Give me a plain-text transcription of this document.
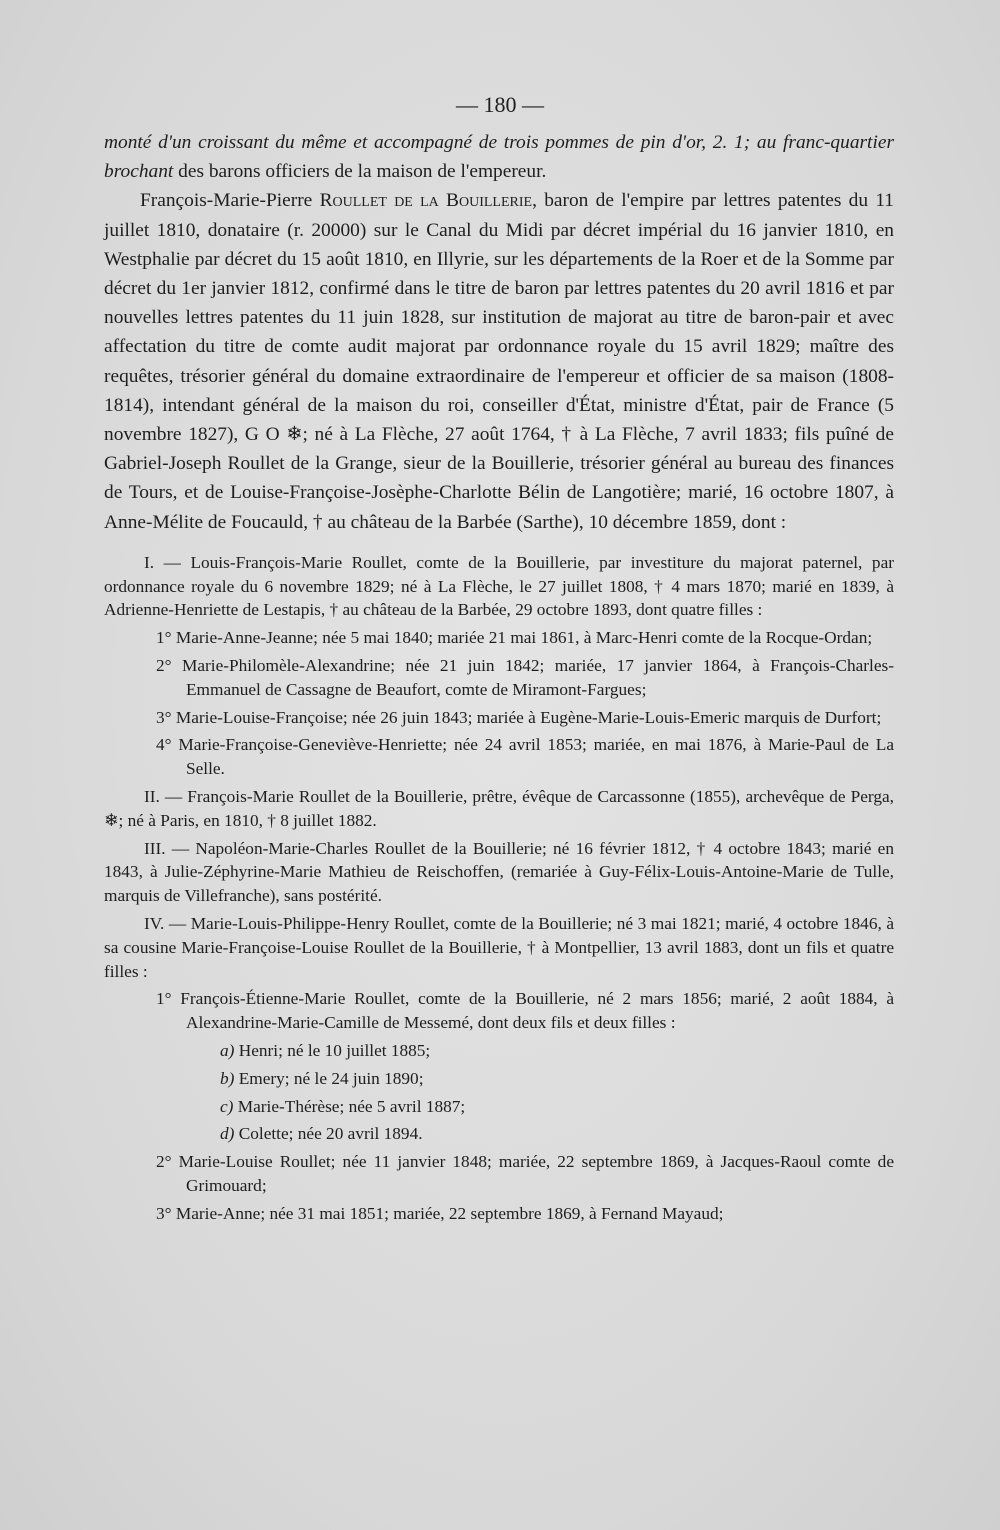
— 180 —

monté d'un croissant du même et accompagné de trois pommes de pin d'or, 2. 1; au franc-quartier brochant des barons officiers de la maison de l'empereur.

François-Marie-Pierre Roullet de la Bouillerie, baron de l'empire par lettres patentes du 11 juillet 1810, donataire (r. 20000) sur le Canal du Midi par décret impérial du 16 janvier 1810, en Westphalie par décret du 15 août 1810, en Illyrie, sur les départements de la Roer et de la Somme par décret du 1er janvier 1812, confirmé dans le titre de baron par lettres patentes du 20 avril 1816 et par nouvelles lettres patentes du 11 juin 1828, sur institution de majorat au titre de baron-pair et avec affectation du titre de comte audit majorat par ordonnance royale du 15 avril 1829; maître des requêtes, trésorier général du domaine extraordinaire de l'empereur et officier de sa maison (1808-1814), intendant général de la maison du roi, conseiller d'État, ministre d'État, pair de France (5 novembre 1827), G O ❄; né à La Flèche, 27 août 1764, † à La Flèche, 7 avril 1833; fils puîné de Gabriel-Joseph Roullet de la Grange, sieur de la Bouillerie, trésorier général au bureau des finances de Tours, et de Louise-Françoise-Josèphe-Charlotte Bélin de Langotière; marié, 16 octobre 1807, à Anne-Mélite de Foucauld, † au château de la Barbée (Sarthe), 10 décembre 1859, dont :

I. — Louis-François-Marie Roullet, comte de la Bouillerie, par investiture du majorat paternel, par ordonnance royale du 6 novembre 1829; né à La Flèche, le 27 juillet 1808, † 4 mars 1870; marié en 1839, à Adrienne-Henriette de Lestapis, † au château de la Barbée, 29 octobre 1893, dont quatre filles :

1° Marie-Anne-Jeanne; née 5 mai 1840; mariée 21 mai 1861, à Marc-Henri comte de la Rocque-Ordan;

2° Marie-Philomèle-Alexandrine; née 21 juin 1842; mariée, 17 janvier 1864, à François-Charles-Emmanuel de Cassagne de Beaufort, comte de Miramont-Fargues;

3° Marie-Louise-Françoise; née 26 juin 1843; mariée à Eugène-Marie-Louis-Emeric marquis de Durfort;

4° Marie-Françoise-Geneviève-Henriette; née 24 avril 1853; mariée, en mai 1876, à Marie-Paul de La Selle.

II. — François-Marie Roullet de la Bouillerie, prêtre, évêque de Carcassonne (1855), archevêque de Perga, ❄; né à Paris, en 1810, † 8 juillet 1882.

III. — Napoléon-Marie-Charles Roullet de la Bouillerie; né 16 février 1812, † 4 octobre 1843; marié en 1843, à Julie-Zéphyrine-Marie Mathieu de Reischoffen, (remariée à Guy-Félix-Louis-Antoine-Marie de Tulle, marquis de Villefranche), sans postérité.

IV. — Marie-Louis-Philippe-Henry Roullet, comte de la Bouillerie; né 3 mai 1821; marié, 4 octobre 1846, à sa cousine Marie-Françoise-Louise Roullet de la Bouillerie, † à Montpellier, 13 avril 1883, dont un fils et quatre filles :

1° François-Étienne-Marie Roullet, comte de la Bouillerie, né 2 mars 1856; marié, 2 août 1884, à Alexandrine-Marie-Camille de Messemé, dont deux fils et deux filles :

a) Henri; né le 10 juillet 1885;

b) Emery; né le 24 juin 1890;

c) Marie-Thérèse; née 5 avril 1887;

d) Colette; née 20 avril 1894.

2° Marie-Louise Roullet; née 11 janvier 1848; mariée, 22 septembre 1869, à Jacques-Raoul comte de Grimouard;

3° Marie-Anne; née 31 mai 1851; mariée, 22 septembre 1869, à Fernand Mayaud;
